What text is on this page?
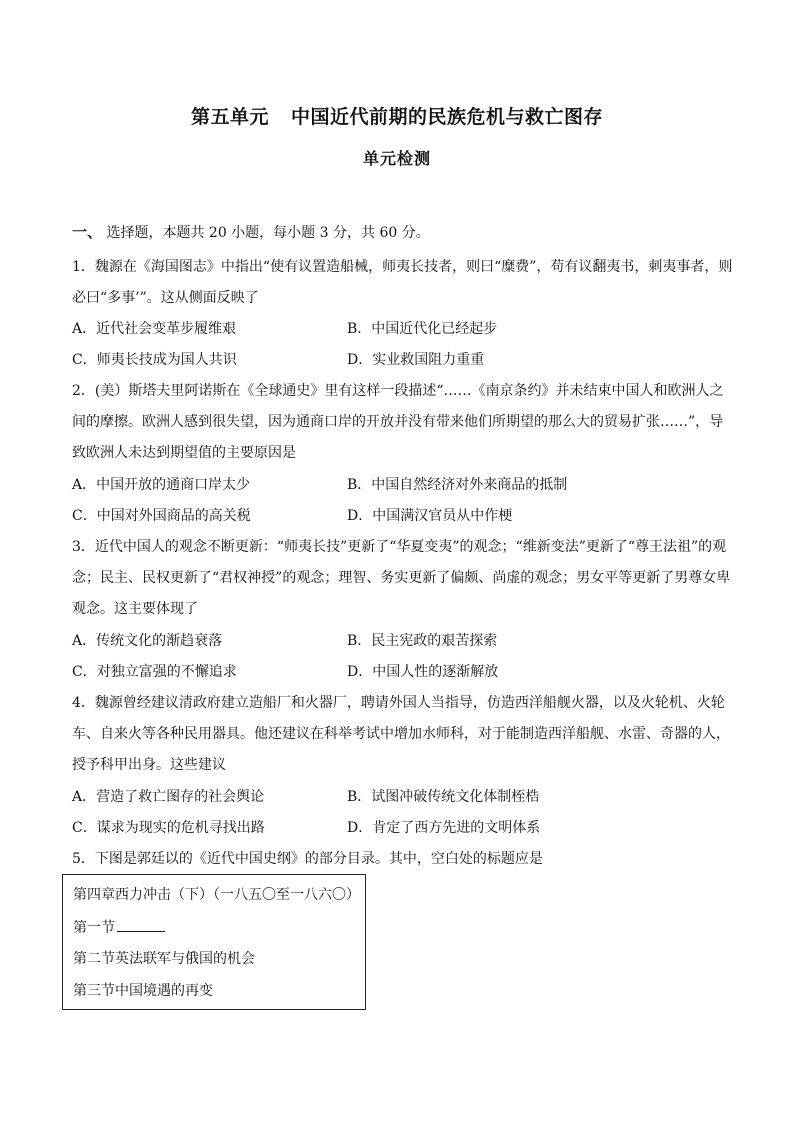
第五单元 中国近代前期的民族危机与救亡图存
单元检测
一、 选择题，本题共 20 小题，每小题 3 分，共 60 分。
1．魏源在《海国图志》中指出“使有议置造船械，师夷长技者，则曰“糜费”，苟有议翻夷书，刺夷事者，则
必曰“多事’”。这从侧面反映了
A．近代社会变革步履维艰	B．中国近代化已经起步
C．师夷长技成为国人共识	D．实业救国阻力重重
2．(美）斯塔夫里阿诺斯在《全球通史》里有这样一段描述“……《南京条约》并未结束中国人和欧洲人之
间的摩擦。欧洲人感到很失望，因为通商口岸的开放并没有带来他们所期望的那么大的贸易扩张……”，导
致欧洲人未达到期望值的主要原因是
A．中国开放的通商口岸太少	B．中国自然经济对外来商品的抵制
C．中国对外国商品的高关税	D．中国满汉官员从中作梗
3．近代中国人的观念不断更新：“师夷长技”更新了“华夏变夷”的观念；“维新变法”更新了“尊王法祖”的观
念；民主、民权更新了“君权神授”的观念；理智、务实更新了偏颇、尚虚的观念；男女平等更新了男尊女卑
观念。这主要体现了
A．传统文化的渐趋衰落	B．民主宪政的艰苦探索
C．对独立富强的不懈追求	D．中国人性的逐渐解放
4．魏源曾经建议清政府建立造船厂和火器厂，聘请外国人当指导，仿造西洋船舰火器，以及火轮机、火轮
车、自来火等各种民用器具。他还建议在科举考试中增加水师科，对于能制造西洋船舰、水雷、奇器的人，
授予科甲出身。这些建议
A．营造了救亡图存的社会舆论	B．试图冲破传统文化体制桎梏
C．谋求为现实的危机寻找出路	D．肯定了西方先进的文明体系
5．下图是郭廷以的《近代中国史纲》的部分目录。其中，空白处的标题应是
第四章西力冲击（下）（一八五〇至一八六〇）
第一节
第二节英法联军与俄国的机会
第三节中国境遇的再变
